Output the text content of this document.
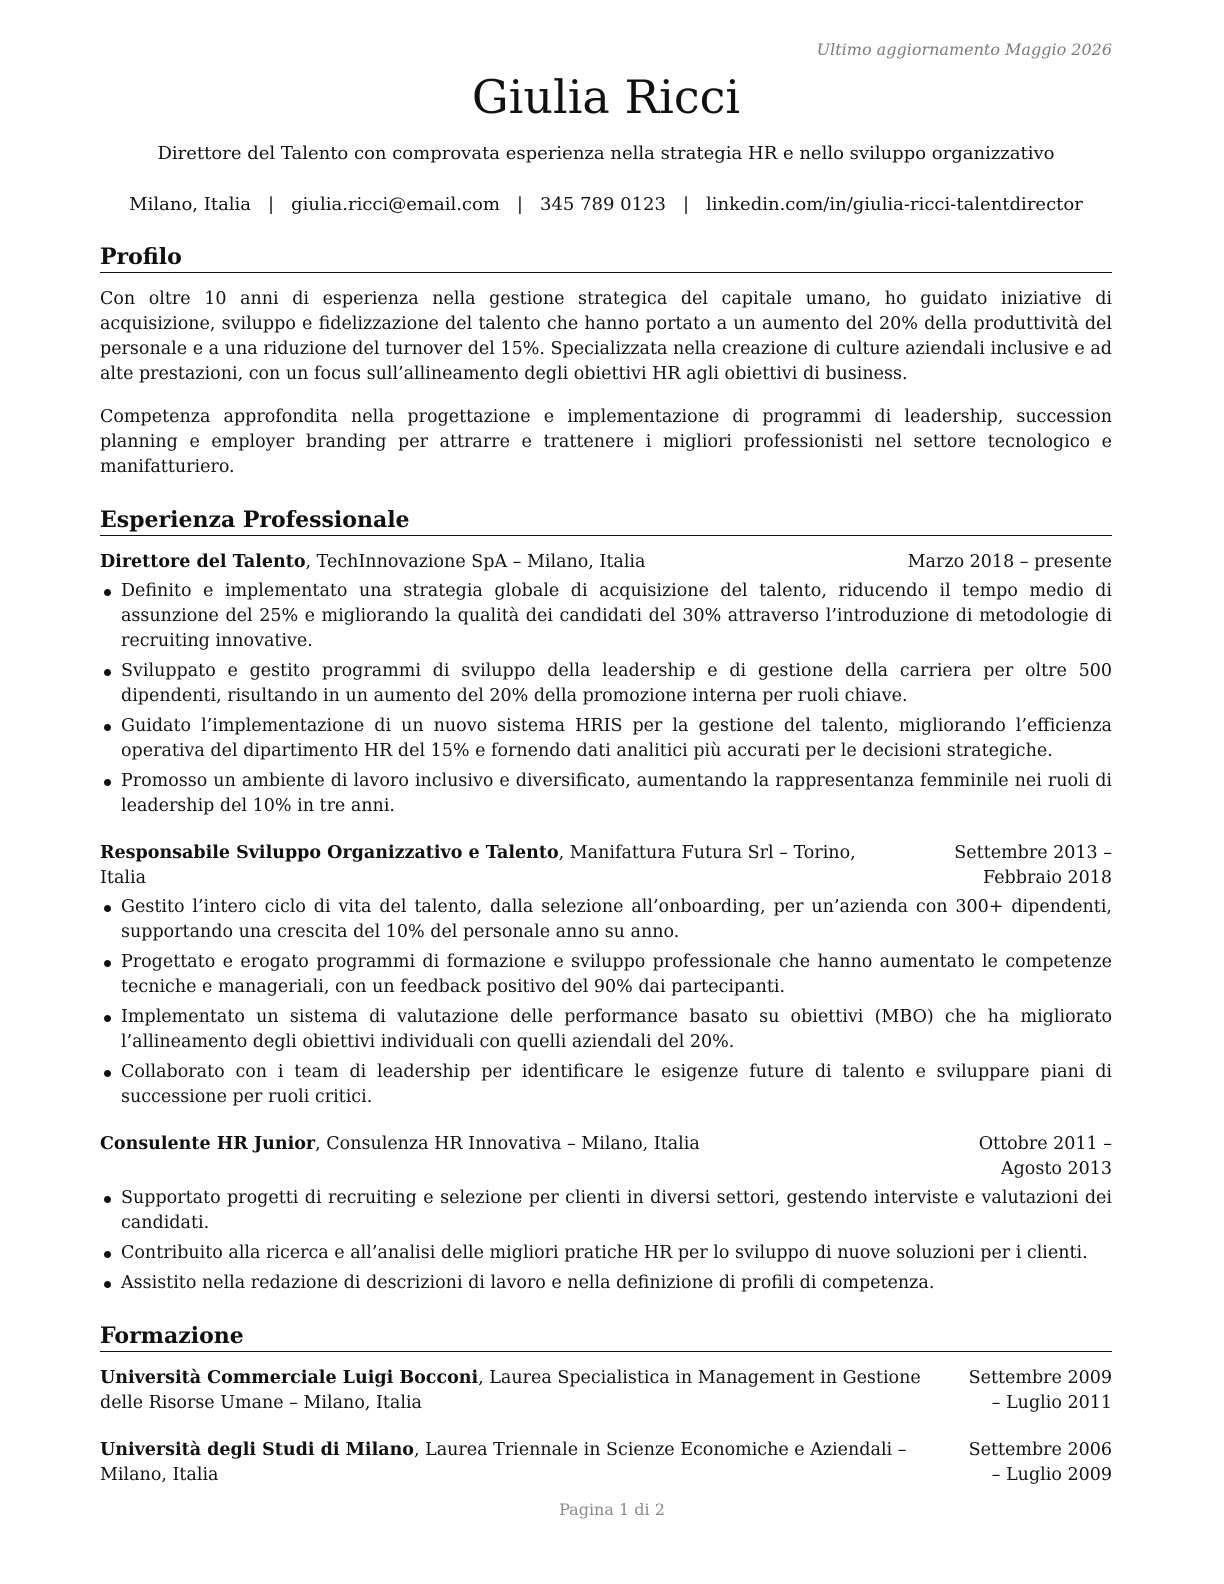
Ultimo aggiornamento Maggio 2026
Giulia Ricci
Direttore del Talento con comprovata esperienza nella strategia HR e nello sviluppo organizzativo
Milano, Italia | giulia.ricci@email.com | 345 789 0123 | linkedin.com/in/giulia-ricci-talentdirector
Profilo

Con oltre 10 anni di esperienza nella gestione strategica del capitale umano, ho guidato iniziative di acquisizione, sviluppo e fidelizzazione del talento che hanno portato a un aumento del 20% della produttività del personale e a una riduzione del turnover del 15%. Specializzata nella creazione di culture aziendali inclusive e ad alte prestazioni, con un focus sull’allineamento degli obiettivi HR agli obiettivi di business.

Competenza approfondita nella progettazione e implementazione di programmi di leadership, succession planning e employer branding per attrarre e trattenere i migliori professionisti nel settore tecnologico e manifatturiero.

Esperienza Professionale
Direttore del Talento, TechInnovazione SpA – Milano, Italia	Marzo 2018 – presente
Definito e implementato una strategia globale di acquisizione del talento, riducendo il tempo medio di assunzione del 25% e migliorando la qualità dei candidati del 30% attraverso l’introduzione di metodologie di recruiting innovative.
Sviluppato e gestito programmi di sviluppo della leadership e di gestione della carriera per oltre 500 dipendenti, risultando in un aumento del 20% della promozione interna per ruoli chiave.
Guidato l’implementazione di un nuovo sistema HRIS per la gestione del talento, migliorando l’efficienza operativa del dipartimento HR del 15% e fornendo dati analitici più accurati per le decisioni strategiche.
Promosso un ambiente di lavoro inclusivo e diversificato, aumentando la rappresentanza femminile nei ruoli di leadership del 10% in tre anni.
Responsabile Sviluppo Organizzativo e Talento, Manifattura Futura Srl – Torino, Italia
Settembre 2013 – Febbraio 2018
Gestito l’intero ciclo di vita del talento, dalla selezione all’onboarding, per un’azienda con 300+ dipendenti, supportando una crescita del 10% del personale anno su anno.
Progettato e erogato programmi di formazione e sviluppo professionale che hanno aumentato le competenze tecniche e manageriali, con un feedback positivo del 90% dai partecipanti.
Implementato un sistema di valutazione delle performance basato su obiettivi (MBO) che ha migliorato l’allineamento degli obiettivi individuali con quelli aziendali del 20%.
Collaborato con i team di leadership per identificare le esigenze future di talento e sviluppare piani di successione per ruoli critici.
Consulente HR Junior, Consulenza HR Innovativa – Milano, Italia	Ottobre 2011 – Agosto 2013
Supportato progetti di recruiting e selezione per clienti in diversi settori, gestendo interviste e valutazioni dei candidati.
Contribuito alla ricerca e all’analisi delle migliori pratiche HR per lo sviluppo di nuove soluzioni per i clienti.
Assistito nella redazione di descrizioni di lavoro e nella definizione di profili di competenza.
Formazione
Università Commerciale Luigi Bocconi, Laurea Specialistica in Management in Gestione delle Risorse Umane – Milano, Italia
Settembre 2009 – Luglio 2011
Università degli Studi di Milano, Laurea Triennale in Scienze Economiche e Aziendali – Milano, Italia
Settembre 2006 – Luglio 2009
Pagina 1 di 2
